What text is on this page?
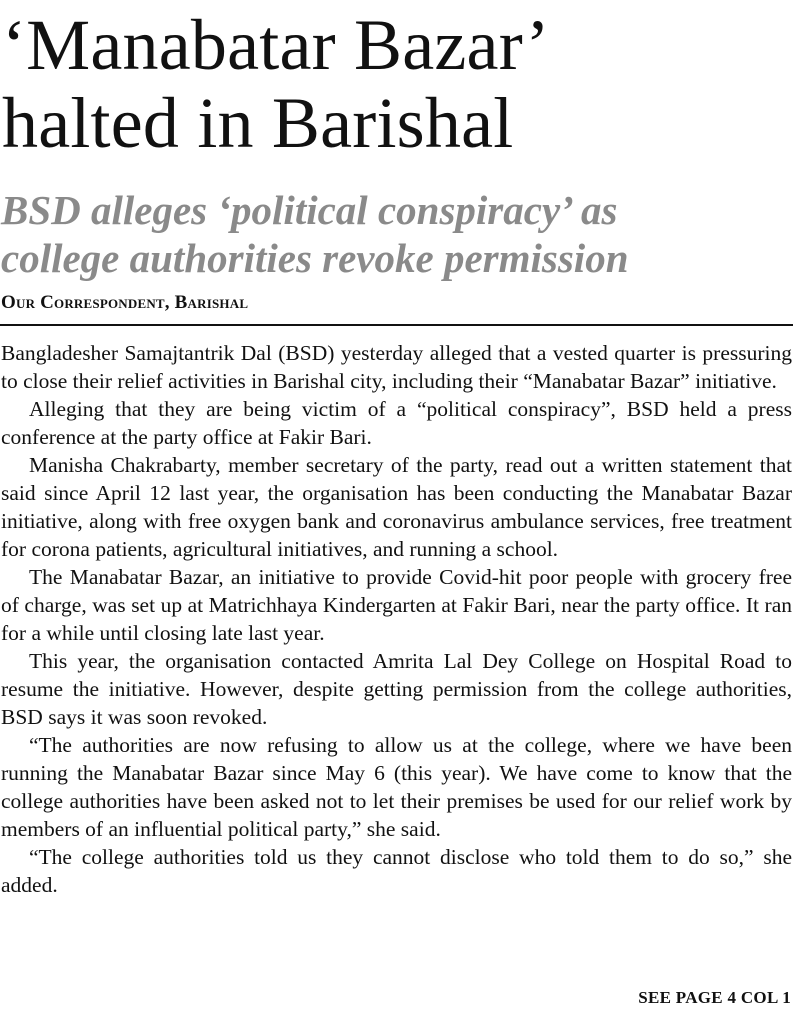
‘Manabatar Bazar’
halted in Barishal
BSD alleges ‘political conspiracy’ as
college authorities revoke permission
Our Correspondent, Barishal

Bangladesher Samajtantrik Dal (BSD) yesterday alleged that a vested quarter is pressuring to close their relief activities in Barishal city, including their “Manabatar Bazar” initiative.

Alleging that they are being victim of a “political conspiracy”, BSD held a press conference at the party office at Fakir Bari.

Manisha Chakrabarty, member secretary of the party, read out a written statement that said since April 12 last year, the organisation has been conducting the Manabatar Bazar initiative, along with free oxygen bank and coronavirus ambulance services, free treatment for corona patients, agricultural initiatives, and running a school.

The Manabatar Bazar, an initiative to provide Covid-hit poor people with grocery free of charge, was set up at Matrichhaya Kindergarten at Fakir Bari, near the party office. It ran for a while until closing late last year.

This year, the organisation contacted Amrita Lal Dey College on Hospital Road to resume the initiative. However, despite getting permission from the college authorities, BSD says it was soon revoked.

“The authorities are now refusing to allow us at the college, where we have been running the Manabatar Bazar since May 6 (this year). We have come to know that the college authorities have been asked not to let their premises be used for our relief work by members of an influential political party,” she said.

“The college authorities told us they cannot disclose who told them to do so,” she added.

SEE PAGE 4 COL 1
